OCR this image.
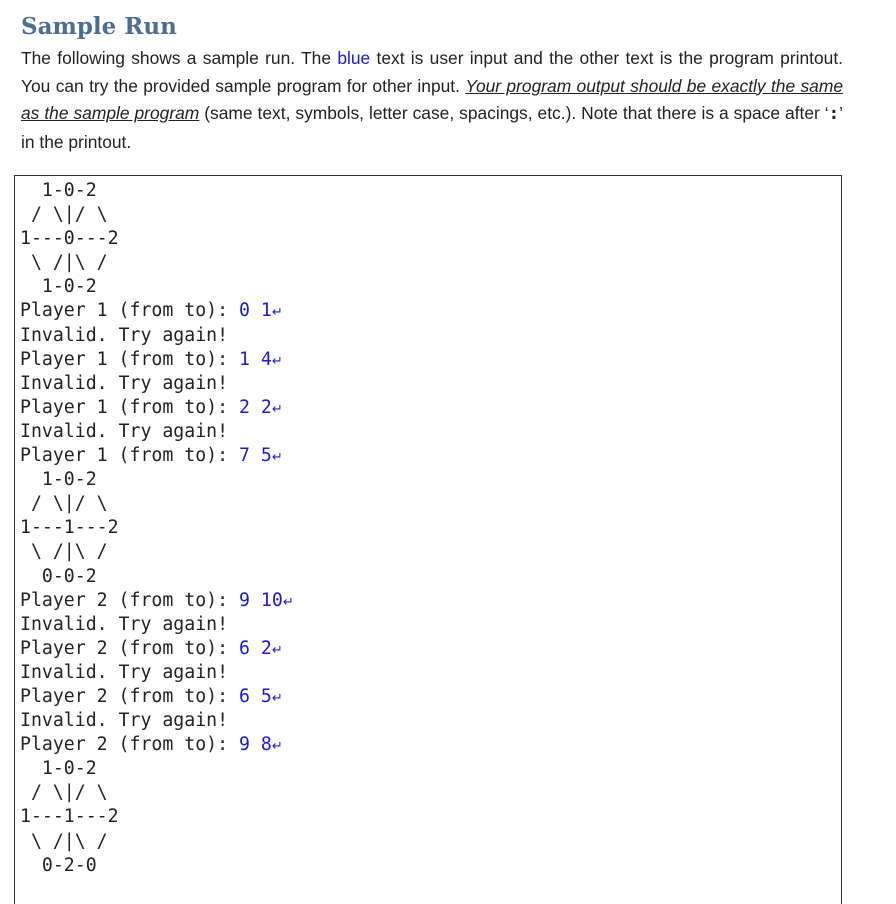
Sample Run

The following shows a sample run. The blue text is user input and the other text is the program printout. You can try the provided sample program for other input. Your program output should be exactly the same as the sample program (same text, symbols, letter case, spacings, etc.). Note that there is a space after ‘:’ in the printout.

1-0-2
/ \|/ \
1---0---2
\ /|\ /
1-0-2
Player 1 (from to): 0 1↵
Invalid. Try again!
Player 1 (from to): 1 4↵
Invalid. Try again!
Player 1 (from to): 2 2↵
Invalid. Try again!
Player 1 (from to): 7 5↵
1-0-2
/ \|/ \
1---1---2
\ /|\ /
0-0-2
Player 2 (from to): 9 10↵
Invalid. Try again!
Player 2 (from to): 6 2↵
Invalid. Try again!
Player 2 (from to): 6 5↵
Invalid. Try again!
Player 2 (from to): 9 8↵
1-0-2
/ \|/ \
1---1---2
\ /|\ /
0-2-0
